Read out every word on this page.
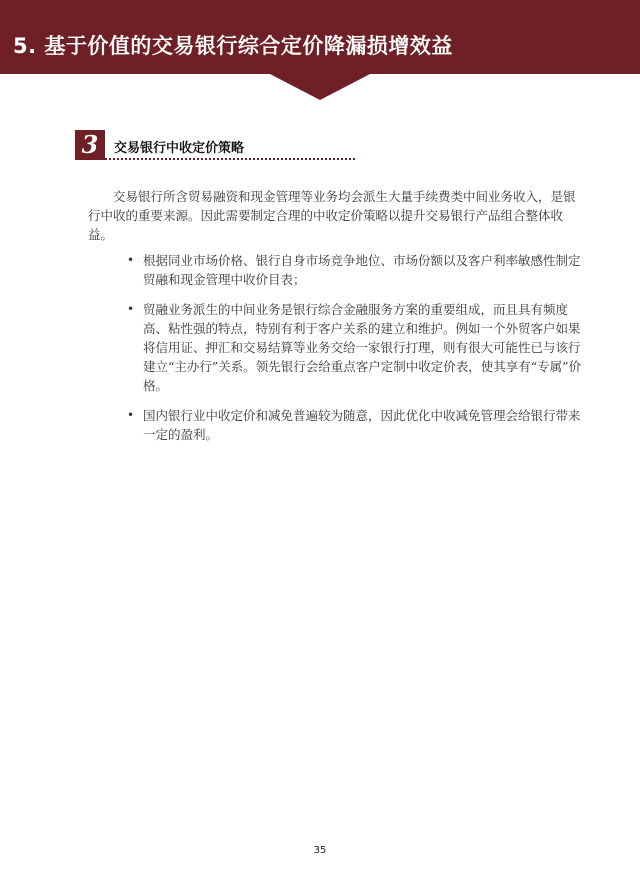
5. 基于价值的交易银行综合定价降漏损增效益
3	交易银行中收定价策略

交易银行所含贸易融资和现金管理等业务均会派生大量手续费类中间业务收入，是银行中收的重要来源。因此需要制定合理的中收定价策略以提升交易银行产品组合整体收益。

• 根据同业市场价格、银行自身市场竞争地位、市场份额以及客户利率敏感性制定贸融和现金管理中收价目表；
• 贸融业务派生的中间业务是银行综合金融服务方案的重要组成，而且具有频度高、粘性强的特点，特别有利于客户关系的建立和维护。例如一个外贸客户如果将信用证、押汇和交易结算等业务交给一家银行打理，则有很大可能性已与该行建立“主办行”关系。领先银行会给重点客户定制中收定价表，使其享有“专属”价格。
• 国内银行业中收定价和减免普遍较为随意，因此优化中收减免管理会给银行带来一定的盈利。
35
